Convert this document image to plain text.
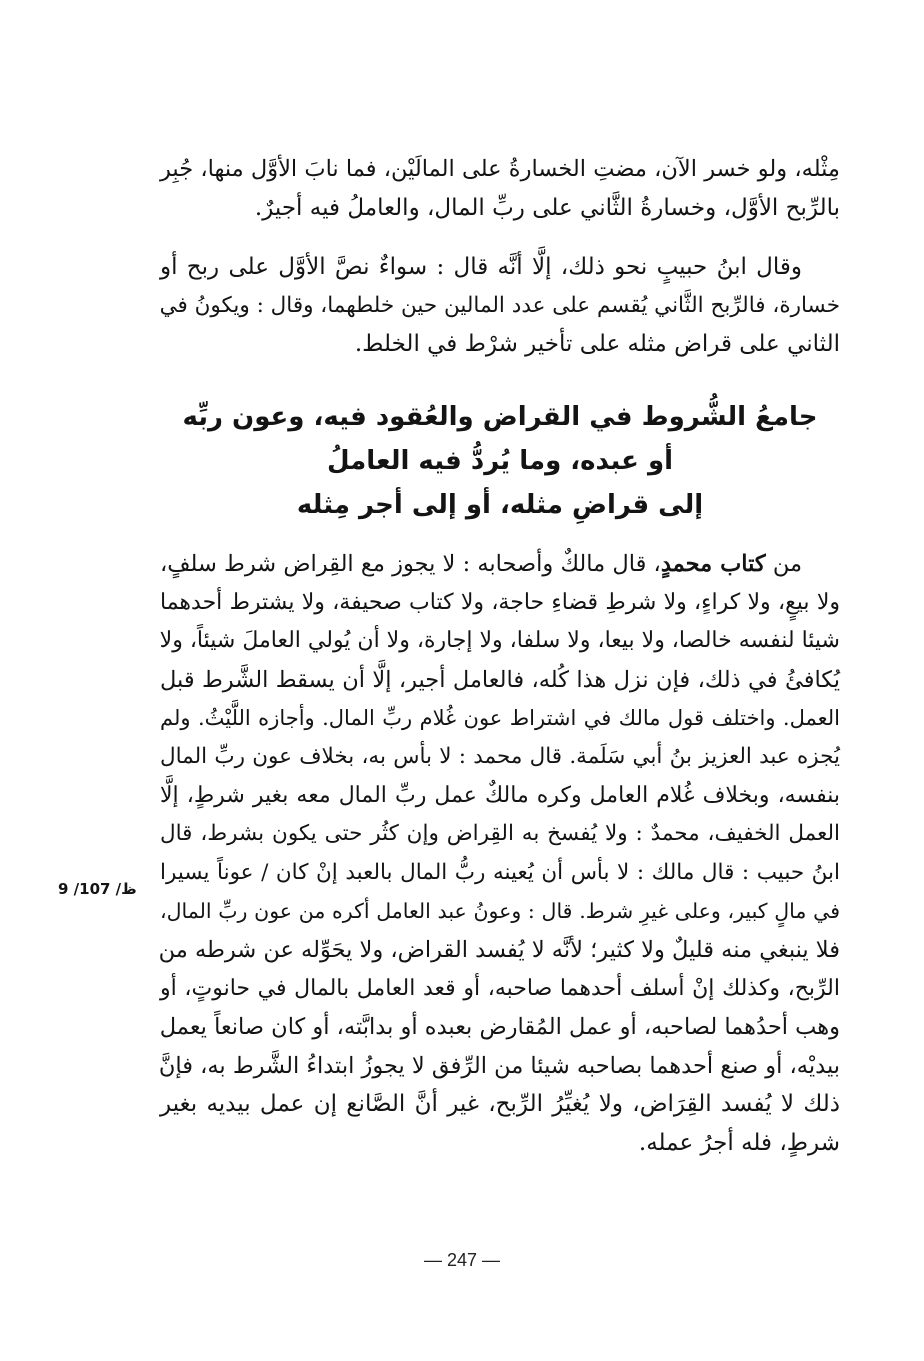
مِثْله، ولو خسر الآن، مضتِ الخسارةُ على المالَيْن، فما نابَ الأوَّل منها، جُبِر
بالرِّبح الأوَّل، وخسارةُ الثَّاني على ربِّ المال، والعاملُ فيه أجيرٌ.
وقال ابنُ حبيبٍ نحو ذلك، إلَّا أنَّه قال : سواءٌ نصَّ الأوَّل على ربح أو
خسارة، فالرِّبح الثَّاني يُقسم على عدد المالين حين خلطهما، وقال : ويكونُ في
الثاني على قراض مثله على تأخير شرْط في الخلط.
جامعُ الشُّروط في القراض والعُقود فيه، وعون ربِّه
أو عبده، وما يُردُّ فيه العاملُ
إلى قراضِ مثله، أو إلى أجر مِثله
من كتاب محمدٍ، قال مالكٌ وأصحابه : لا يجوز مع القِراض شرط سلفٍ،
ولا بيعٍ، ولا كراءٍ، ولا شرطِ قضاءِ حاجة، ولا كتاب صحيفة، ولا يشترط أحدهما
شيئا لنفسه خالصا، ولا بيعا، ولا سلفا، ولا إجارة، ولا أن يُولي العاملَ شيئاً، ولا
يُكافئُ في ذلك، فإن نزل هذا كُله، فالعامل أجير، إلَّا أن يسقط الشَّرط قبل
العمل. واختلف قول مالك في اشتراط عون غُلام ربِّ المال. وأجازه اللَّيْثُ. ولم
يُجزه عبد العزيز بنُ أبي سَلَمة. قال محمد : لا بأس به، بخلاف عون ربِّ المال
بنفسه، وبخلاف غُلام العامل وكره مالكٌ عمل ربِّ المال معه بغير شرطٍ، إلَّا
العمل الخفيف، محمدٌ : ولا يُفسخ به القِراض وإن كثُر حتى يكون بشرط، قال
ابنُ حبيب : قال مالك : لا بأس أن يُعينه ربُّ المال بالعبد إنْ كان / عوناً يسيرا
في مالٍ كبير، وعلى غيرِ شرط. قال : وعونُ عبد العامل أكره من عون ربِّ المال،
فلا ينبغي منه قليلٌ ولا كثير؛ لأنَّه لا يُفسد القراض، ولا يحَوِّله عن شرطه من
الرِّبح، وكذلك إنْ أسلف أحدهما صاحبه، أو قعد العامل بالمال في حانوتٍ، أو
وهب أحدُهما لصاحبه، أو عمل المُقارض بعبده أو بدابَّته، أو كان صانعاً يعمل
بيديْه، أو صنع أحدهما بصاحبه شيئا من الرِّفق لا يجوزُ ابتداءُ الشَّرط به، فإنَّ
ذلك لا يُفسد القِرَاض، ولا يُغيِّرُ الرِّبح، غير أنَّ الصَّانع إن عمل بيديه بغير
شرطٍ، فله أجرُ عمله.
ظ/ 107/ 9
— 247 —
